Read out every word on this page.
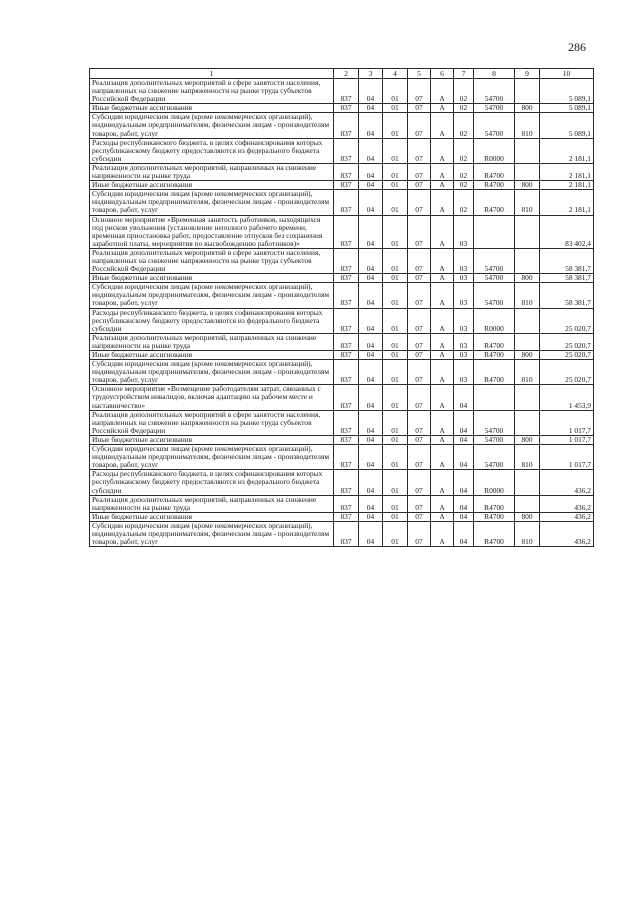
286
1	2	3	4	5	6	7	8	9	10
Реализация дополнительных мероприятий в сфере занятости населения, направленных на снижение напряженности на рынке труда субъектов Российской Федерации	837	04	01	07	А	02	54700		5 089,1
Иные бюджетные ассигнования	837	04	01	07	А	02	54700	800	5 089,1
Субсидии юридическим лицам (кроме некоммерческих организаций), индивидуальным предпринимателям, физическим лицам - производителям товаров, работ, услуг	837	04	01	07	А	02	54700	810	5 089,1
Расходы республиканского бюджета, в целях софинансирования которых республиканскому бюджету предоставляются из федерального бюджета субсидии	837	04	01	07	А	02	R0000		2 181,1
Реализация дополнительных мероприятий, направленных на снижение напряженности на рынке труда	837	04	01	07	А	02	R4700		2 181,1
Иные бюджетные ассигнования	837	04	01	07	А	02	R4700	800	2 181,1
Субсидии юридическим лицам (кроме некоммерческих организаций), индивидуальным предпринимателям, физическим лицам - производителям товаров, работ, услуг	837	04	01	07	А	02	R4700	810	2 181,1
Основное мероприятие «Временная занятость работников, находящихся под риском увольнения (установление неполного рабочего времени, временная приостановка работ, предоставление отпусков без сохранения заработной платы, мероприятия по высвобождению работников)»	837	04	01	07	А	03			83 402,4
Реализация дополнительных мероприятий в сфере занятости населения, направленных на снижение напряженности на рынке труда субъектов Российской Федерации	837	04	01	07	А	03	54700		58 381,7
Иные бюджетные ассигнования	837	04	01	07	А	03	54700	800	58 381,7
Субсидии юридическим лицам (кроме некоммерческих организаций), индивидуальным предпринимателям, физическим лицам - производителям товаров, работ, услуг	837	04	01	07	А	03	54700	810	58 381,7
Расходы республиканского бюджета, в целях софинансирования которых республиканскому бюджету предоставляются из федерального бюджета субсидии	837	04	01	07	А	03	R0000		25 020,7
Реализация дополнительных мероприятий, направленных на снижение напряженности на рынке труда	837	04	01	07	А	03	R4700		25 020,7
Иные бюджетные ассигнования	837	04	01	07	А	03	R4700	800	25 020,7
Субсидии юридическим лицам (кроме некоммерческих организаций), индивидуальным предпринимателям, физическим лицам - производителям товаров, работ, услуг	837	04	01	07	А	03	R4700	810	25 020,7
Основное мероприятие «Возмещение работодателям затрат, связанных с трудоустройством инвалидов, включая адаптацию на рабочем месте и наставничество»	837	04	01	07	А	04			1 453,9
Реализация дополнительных мероприятий в сфере занятости населения, направленных на снижение напряженности на рынке труда субъектов Российской Федерации	837	04	01	07	А	04	54700		1 017,7
Иные бюджетные ассигнования	837	04	01	07	А	04	54700	800	1 017,7
Субсидии юридическим лицам (кроме некоммерческих организаций), индивидуальным предпринимателям, физическим лицам - производителям товаров, работ, услуг	837	04	01	07	А	04	54700	810	1 017,7
Расходы республиканского бюджета, в целях софинансирования которых республиканскому бюджету предоставляются из федерального бюджета субсидии	837	04	01	07	А	04	R0000		436,2
Реализация дополнительных мероприятий, направленных на снижение напряженности на рынке труда	837	04	01	07	А	04	R4700		436,2
Иные бюджетные ассигнования	837	04	01	07	А	04	R4700	800	436,2
Субсидии юридическим лицам (кроме некоммерческих организаций), индивидуальным предпринимателям, физическим лицам - производителям товаров, работ, услуг	837	04	01	07	А	04	R4700	810	436,2
